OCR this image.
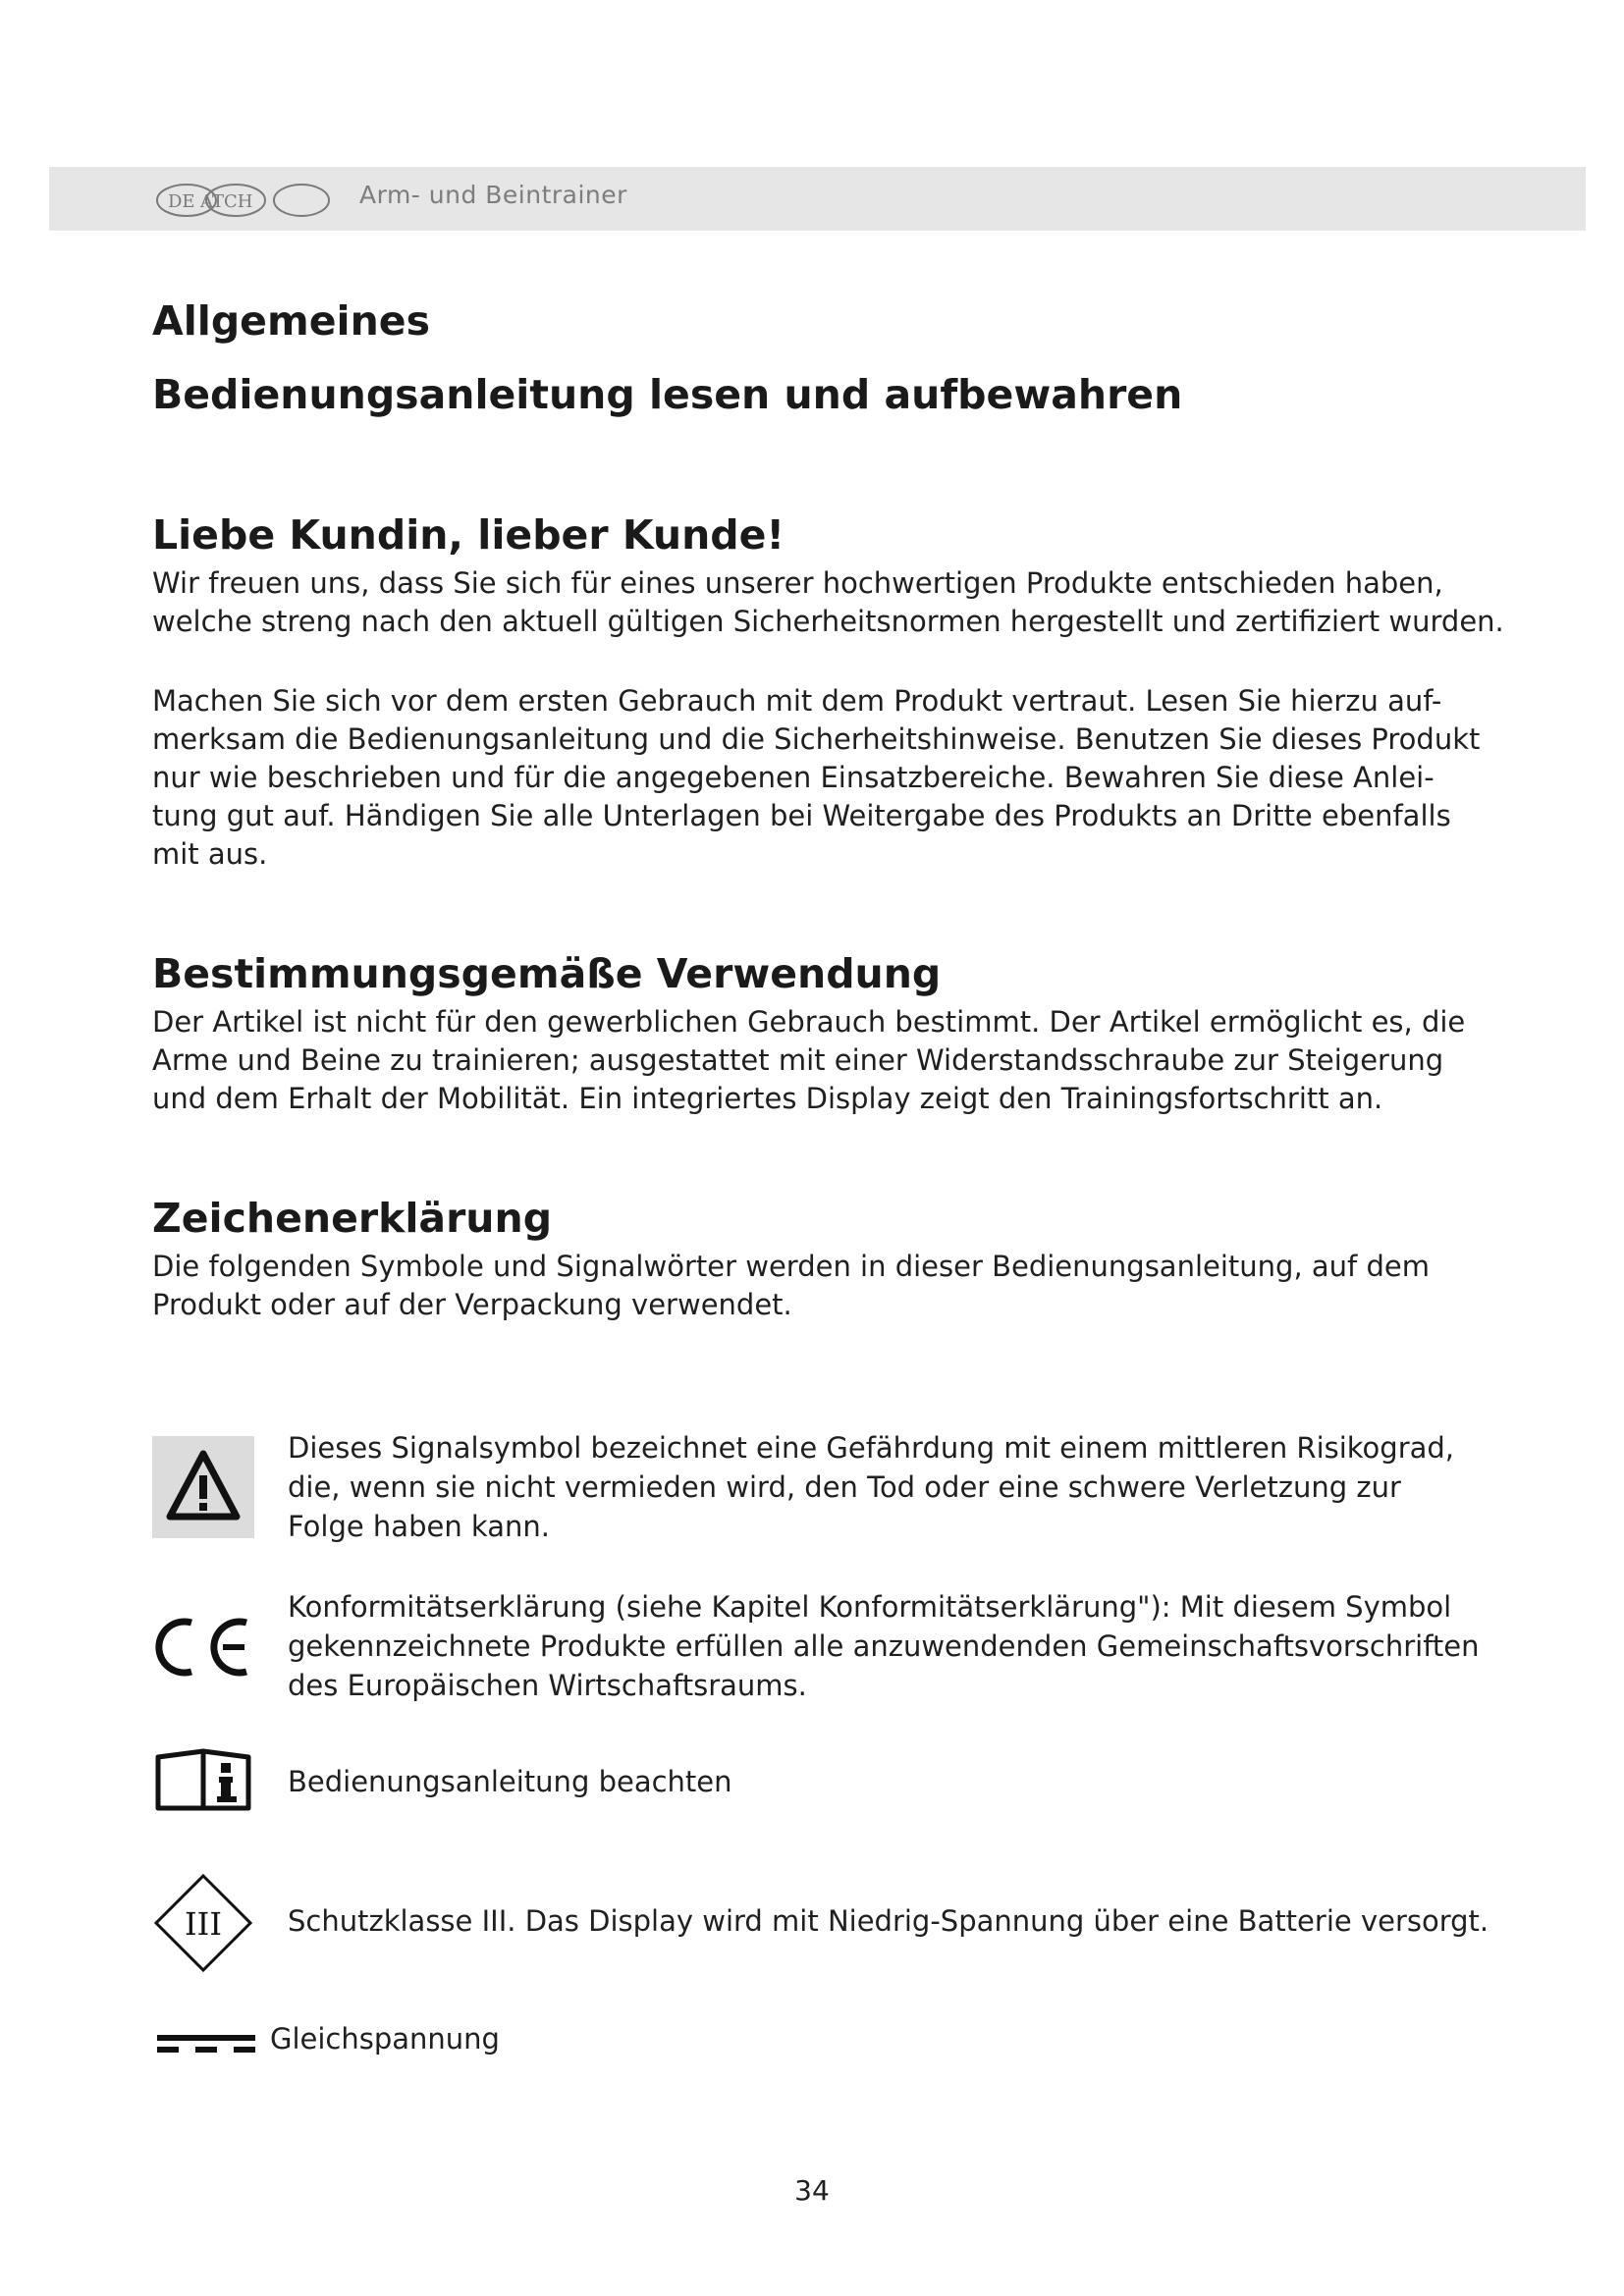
DE AT CH	Arm- und Beintrainer
Allgemeines
Bedienungsanleitung lesen und aufbewahren
Liebe Kundin, lieber Kunde!

Wir freuen uns, dass Sie sich für eines unserer hochwertigen Produkte entschieden haben,
welche streng nach den aktuell gültigen Sicherheitsnormen hergestellt und zertifiziert wurden.

Machen Sie sich vor dem ersten Gebrauch mit dem Produkt vertraut. Lesen Sie hierzu auf-
merksam die Bedienungsanleitung und die Sicherheitshinweise. Benutzen Sie dieses Produkt
nur wie beschrieben und für die angegebenen Einsatzbereiche. Bewahren Sie diese Anlei-
tung gut auf. Händigen Sie alle Unterlagen bei Weitergabe des Produkts an Dritte ebenfalls
mit aus.

Bestimmungsgemäße Verwendung

Der Artikel ist nicht für den gewerblichen Gebrauch bestimmt. Der Artikel ermöglicht es, die
Arme und Beine zu trainieren; ausgestattet mit einer Widerstandsschraube zur Steigerung
und dem Erhalt der Mobilität. Ein integriertes Display zeigt den Trainingsfortschritt an.

Zeichenerklärung

Die folgenden Symbole und Signalwörter werden in dieser Bedienungsanleitung, auf dem
Produkt oder auf der Verpackung verwendet.

Dieses Signalsymbol bezeichnet eine Gefährdung mit einem mittleren Risikograd,
die, wenn sie nicht vermieden wird, den Tod oder eine schwere Verletzung zur
Folge haben kann.
Konformitätserklärung (siehe Kapitel Konformitätserklärung"): Mit diesem Symbol
gekennzeichnete Produkte erfüllen alle anzuwendenden Gemeinschaftsvorschriften
des Europäischen Wirtschaftsraums.
Bedienungsanleitung beachten
III Schutzklasse III. Das Display wird mit Niedrig-Spannung über eine Batterie versorgt.
Gleichspannung
34
